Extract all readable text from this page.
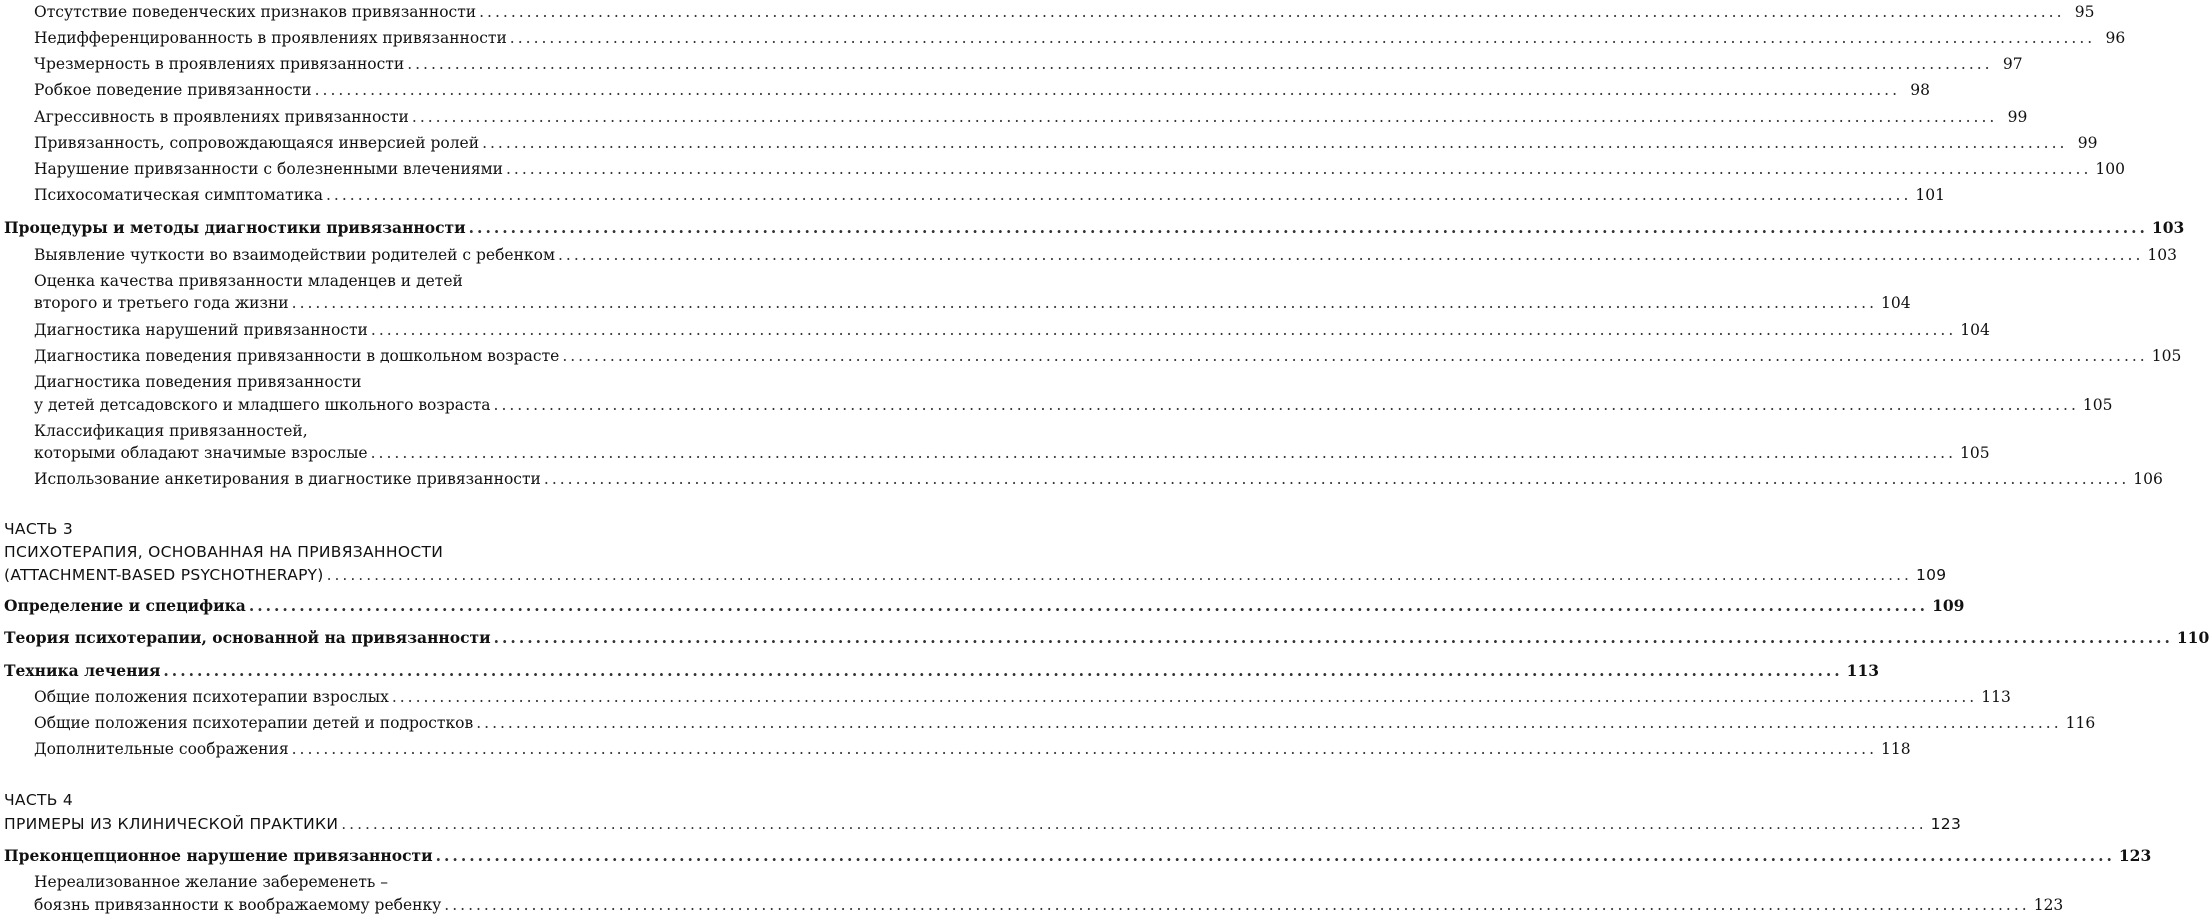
Отсутствие поведенческих признаков привязанности ........................................................................................................................................................................................................ 95
Недифференцированность в проявлениях привязанности ........................................................................................................................................................................................................ 96
Чрезмерность в проявлениях привязанности ........................................................................................................................................................................................................ 97
Робкое поведение привязанности ........................................................................................................................................................................................................ 98
Агрессивность в проявлениях привязанности ........................................................................................................................................................................................................ 99
Привязанность, сопровождающаяся инверсией ролей ........................................................................................................................................................................................................ 99
Нарушение привязанности с болезненными влечениями ........................................................................................................................................................................................................ 100
Психосоматическая симптоматика ........................................................................................................................................................................................................ 101
Процедуры и методы диагностики привязанности ........................................................................................................................................................................................................ 103
Выявление чуткости во взаимодействии родителей с ребенком ........................................................................................................................................................................................................ 103
Оценка качества привязанности младенцев и детей
второго и третьего года жизни ........................................................................................................................................................................................................ 104
Диагностика нарушений привязанности ........................................................................................................................................................................................................ 104
Диагностика поведения привязанности в дошкольном возрасте ........................................................................................................................................................................................................ 105
Диагностика поведения привязанности
у детей детсадовского и младшего школьного возраста ........................................................................................................................................................................................................ 105
Классификация привязанностей,
которыми обладают значимые взрослые ........................................................................................................................................................................................................ 105
Использование анкетирования в диагностике привязанности ........................................................................................................................................................................................................ 106
ЧАСТЬ 3
ПСИХОТЕРАПИЯ, ОСНОВАННАЯ НА ПРИВЯЗАННОСТИ
(ATTACHMENT-BASED PSYCHOTHERAPY) ........................................................................................................................................................................................................ 109
Определение и специфика ........................................................................................................................................................................................................ 109
Теория психотерапии, основанной на привязанности ........................................................................................................................................................................................................ 110
Техника лечения ........................................................................................................................................................................................................ 113
Общие положения психотерапии взрослых ........................................................................................................................................................................................................ 113
Общие положения психотерапии детей и подростков ........................................................................................................................................................................................................ 116
Дополнительные соображения ........................................................................................................................................................................................................ 118
ЧАСТЬ 4
ПРИМЕРЫ ИЗ КЛИНИЧЕСКОЙ ПРАКТИКИ ........................................................................................................................................................................................................ 123
Преконцепционное нарушение привязанности ........................................................................................................................................................................................................ 123
Нереализованное желание забеременеть –
боязнь привязанности к воображаемому ребенку ........................................................................................................................................................................................................ 123
